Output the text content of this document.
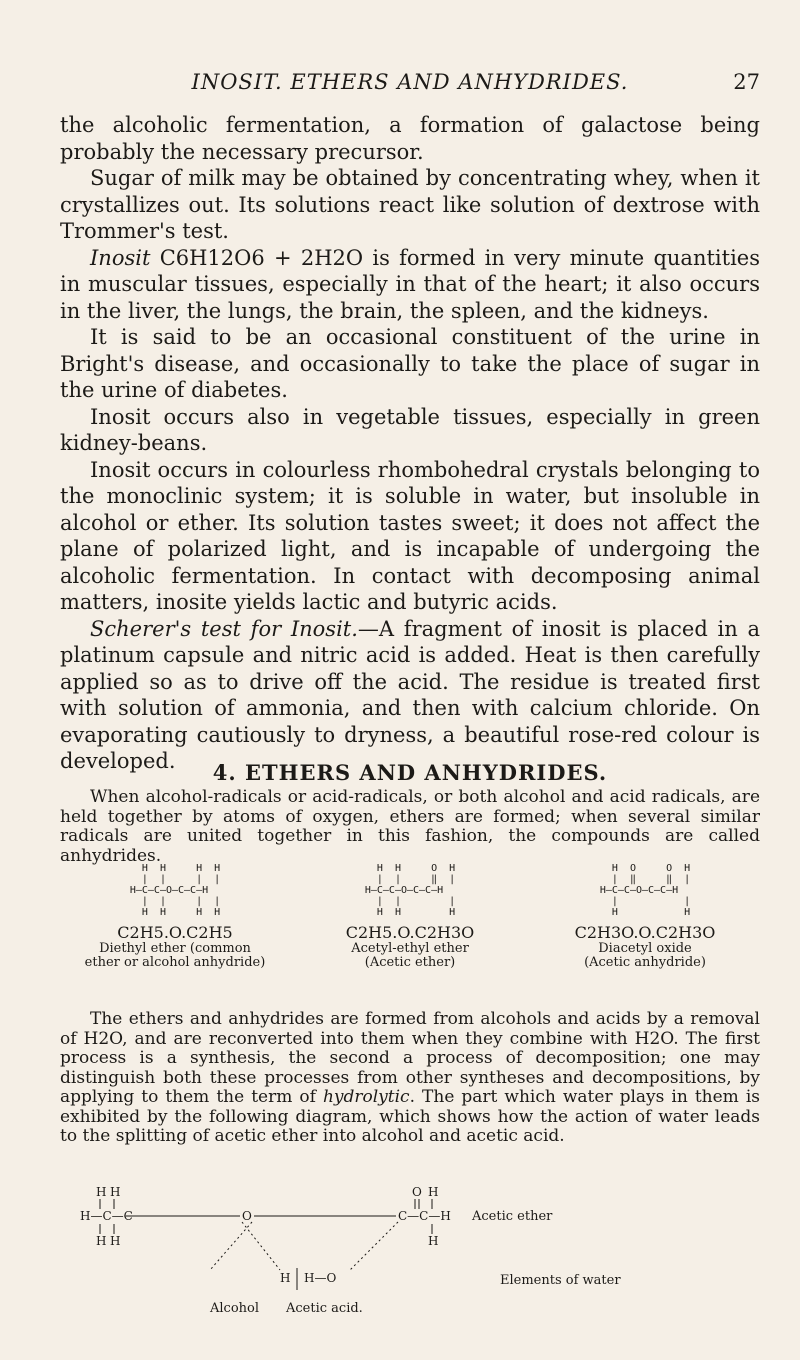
INOSIT. ETHERS AND ANHYDRIDES.	27

the alcoholic fermentation, a formation of galactose being probably the necessary precursor.

Sugar of milk may be obtained by concentrating whey, when it crystallizes out. Its solutions react like solution of dextrose with Trommer's test.

Inosit C6H12O6 + 2H2O is formed in very minute quantities in muscular tissues, especially in that of the heart; it also occurs in the liver, the lungs, the brain, the spleen, and the kidneys.

It is said to be an occasional constituent of the urine in Bright's disease, and occasionally to take the place of sugar in the urine of diabetes.

Inosit occurs also in vegetable tissues, especially in green kidney-beans.

Inosit occurs in colourless rhombohedral crystals belonging to the monoclinic system; it is soluble in water, but insoluble in alcohol or ether. Its solution tastes sweet; it does not affect the plane of polarized light, and is incapable of undergoing the alcoholic fermentation. In contact with decomposing animal matters, inosite yields lactic and butyric acids.

Scherer's test for Inosit.—A fragment of inosit is placed in a platinum capsule and nitric acid is added. Heat is then carefully applied so as to drive off the acid. The residue is treated first with solution of ammonia, and then with calcium chloride. On evaporating cautiously to dryness, a beautiful rose-red colour is developed.	4. ETHERS AND ANHYDRIDES.

When alcohol-radicals or acid-radicals, or both alcohol and acid radicals, are held together by atoms of oxygen, ethers are formed; when several similar radicals are united together in this fashion, the compounds are called anhydrides.

H  H     H  H
|  |     |  |
H—C—C—O—C—C—H
|  |     |  |
H  H     H  H
C2H5.O.C2H5
Diethyl ether (common
ether or alcohol anhydride)
H  H     O  H
|  |     ‖  |
H—C—C—O—C—C—H
|  |        |
H  H        H
C2H5.O.C2H3O
Acetyl-ethyl ether
(Acetic ether)
H  O     O  H
|  ‖     ‖  |
H—C—C—O—C—C—H
|           |
H           H
C2H3O.O.C2H3O
Diacetyl oxide
(Acetic anhydride)

The ethers and anhydrides are formed from alcohols and acids by a removal of H2O, and are reconverted into them when they combine with H2O. The first process is a synthesis, the second a process of decomposition; one may distinguish both these processes from other syntheses and decompositions, by applying to them the term of hydrolytic. The part which water plays in them is exhibited by the following diagram, which shows how the action of water leads to the splitting of acetic ether into alcohol and acetic acid.

H H
H—C—C
H H
O
O H
C—C—H
H
Acetic ether
H H—O	Elements of water
Alcohol Acetic acid.
